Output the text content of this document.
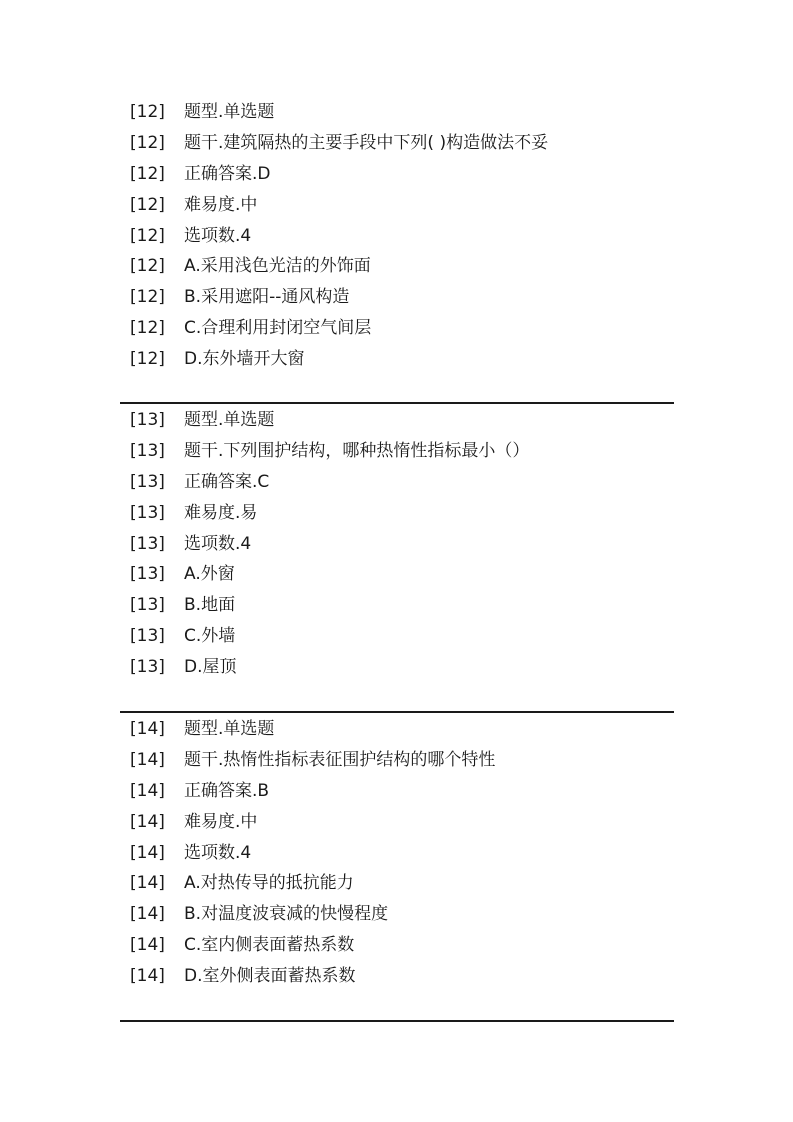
[12]	题型.单选题
[12]	题干.建筑隔热的主要手段中下列( )构造做法不妥
[12]	正确答案.D
[12]	难易度.中
[12]	选项数.4
[12]	A.采用浅色光洁的外饰面
[12]	B.采用遮阳--通风构造
[12]	C.合理利用封闭空气间层
[12]	D.东外墙开大窗
[13]	题型.单选题
[13]	题干.下列围护结构，哪种热惰性指标最小（）
[13]	正确答案.C
[13]	难易度.易
[13]	选项数.4
[13]	A.外窗
[13]	B.地面
[13]	C.外墙
[13]	D.屋顶
[14]	题型.单选题
[14]	题干.热惰性指标表征围护结构的哪个特性
[14]	正确答案.B
[14]	难易度.中
[14]	选项数.4
[14]	A.对热传导的抵抗能力
[14]	B.对温度波衰减的快慢程度
[14]	C.室内侧表面蓄热系数
[14]	D.室外侧表面蓄热系数
